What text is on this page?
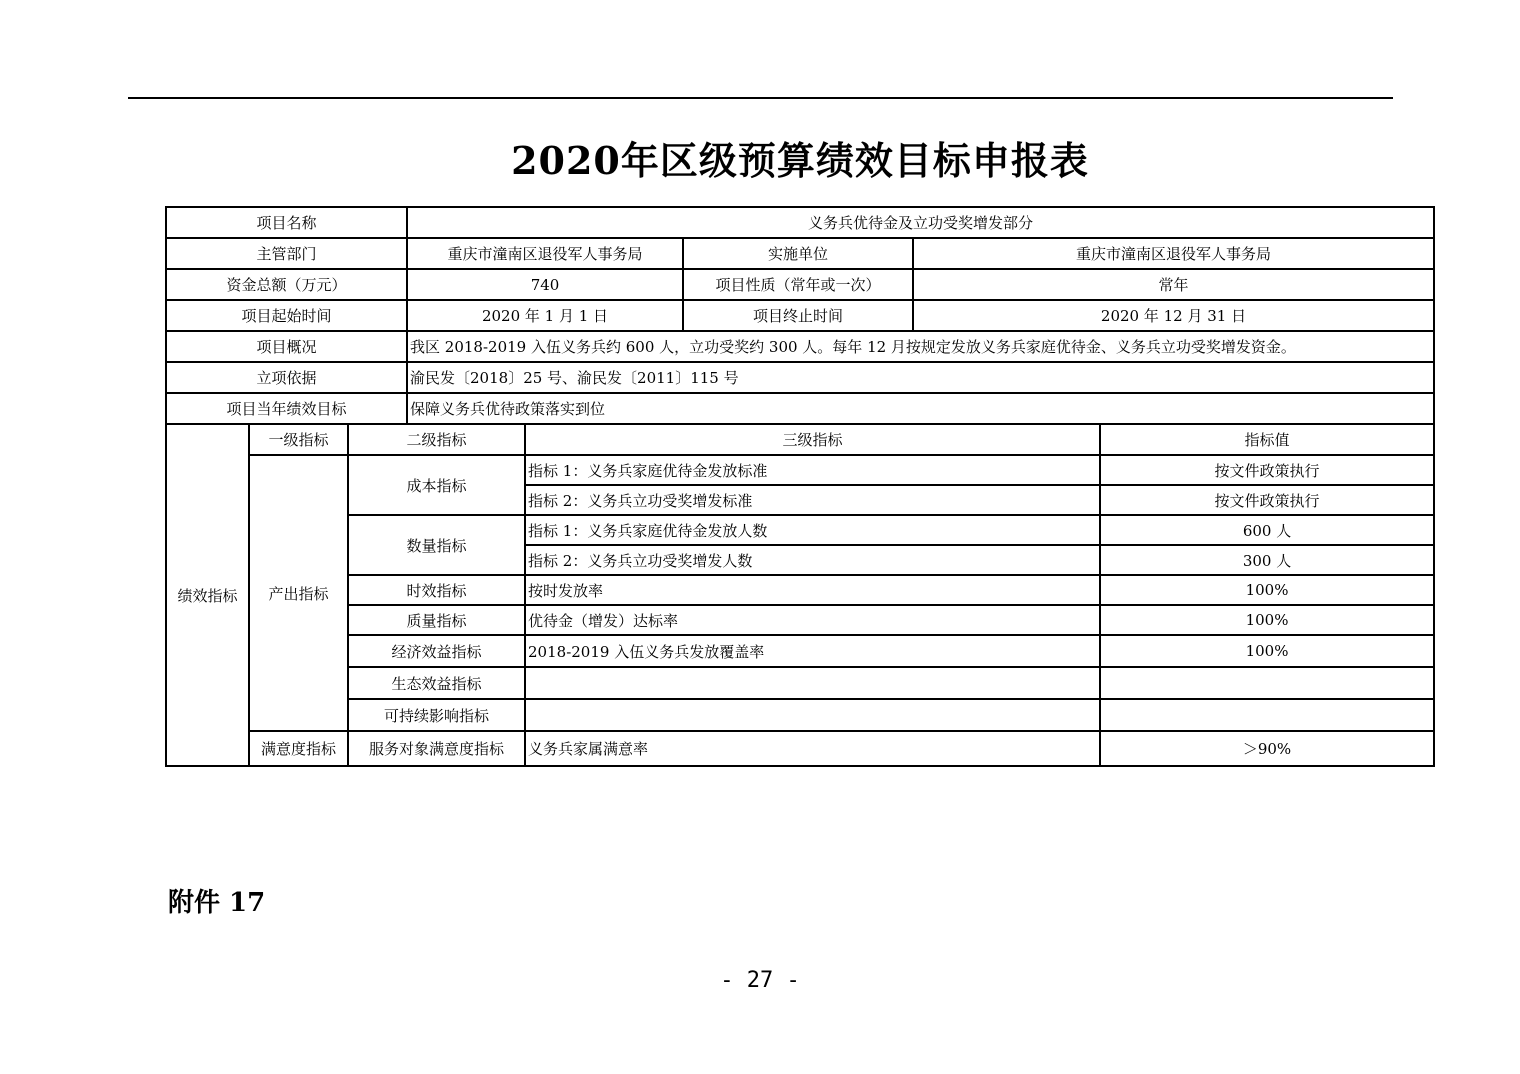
2020年区级预算绩效目标申报表
项目名称			义务兵优待金及立功受奖增发部分				
主管部门			重庆市潼南区退役军人事务局		实施单位	重庆市潼南区退役军人事务局	
资金总额（万元）			740		项目性质（常年或一次）	常年	
项目起始时间			2020 年 1 月 1 日		项目终止时间	2020 年 12 月 31 日	
项目概况			我区 2018-2019 入伍义务兵约 600 人，立功受奖约 300 人。每年 12 月按规定发放义务兵家庭优待金、义务兵立功受奖增发资金。				
立项依据			渝民发〔2018〕25 号、渝民发〔2011〕115 号				
项目当年绩效目标			保障义务兵优待政策落实到位				
绩效指标	一级指标	二级指标		三级指标			指标值
	产出指标	成本指标		指标 1：义务兵家庭优待金发放标准			按文件政策执行
				指标 2：义务兵立功受奖增发标准			按文件政策执行
		数量指标		指标 1：义务兵家庭优待金发放人数			600 人
				指标 2：义务兵立功受奖增发人数			300 人
		时效指标		按时发放率			100%
		质量指标		优待金（增发）达标率			100%
		经济效益指标		2018-2019 入伍义务兵发放覆盖率			100%
		生态效益指标					
		可持续影响指标					
	满意度指标	服务对象满意度指标		义务兵家属满意率			＞90%
附件 17
- 27 -
